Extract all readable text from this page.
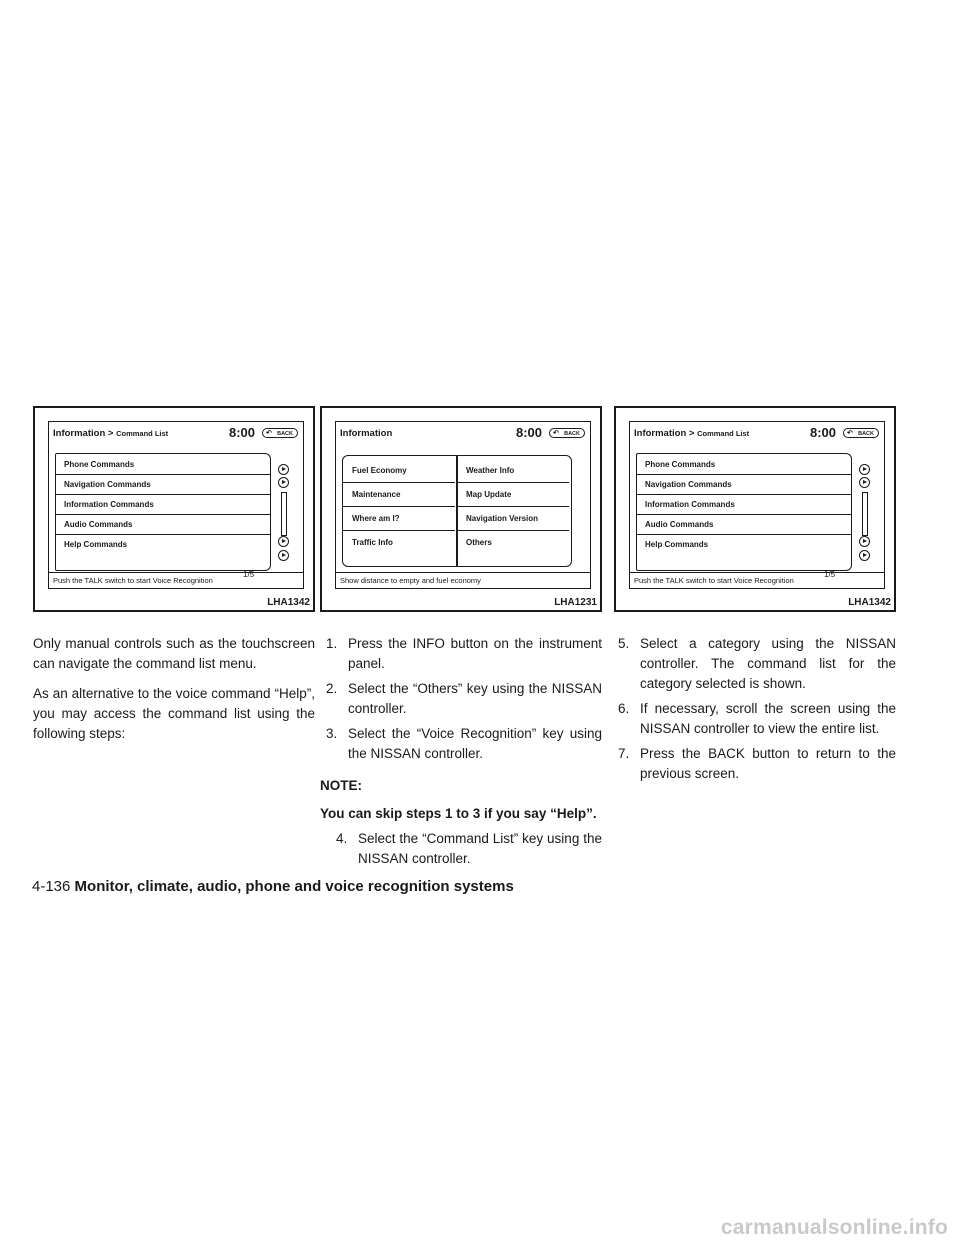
Information > Command List	8:00 ↶ BACK
Phone Commands
Navigation Commands
Information Commands
Audio Commands
Help Commands
1/5
Push the TALK switch to start Voice Recognition
LHA1342
Information	8:00 ↶ BACK
Fuel Economy
Maintenance
Where am I?
Traffic Info
Weather Info
Map Update
Navigation Version
Others
Show distance to empty and fuel economy
LHA1231
Information > Command List	8:00 ↶ BACK
Phone Commands
Navigation Commands
Information Commands
Audio Commands
Help Commands
1/5
Push the TALK switch to start Voice Recognition
LHA1342

Only manual controls such as the touchscreen can navigate the command list menu.

As an alternative to the voice command “Help”, you may access the command list using the following steps:

1. Press the INFO button on the instrument panel.
2. Select the “Others” key using the NISSAN controller.
3. Select the “Voice Recognition” key using the NISSAN controller.
NOTE:
You can skip steps 1 to 3 if you say “Help”.
4. Select the “Command List” key using the NISSAN controller.
5. Select a category using the NISSAN controller. The command list for the category selected is shown.
6. If necessary, scroll the screen using the NISSAN controller to view the entire list.
7. Press the BACK button to return to the previous screen.
4-136 Monitor, climate, audio, phone and voice recognition systems
carmanualsonline.info
